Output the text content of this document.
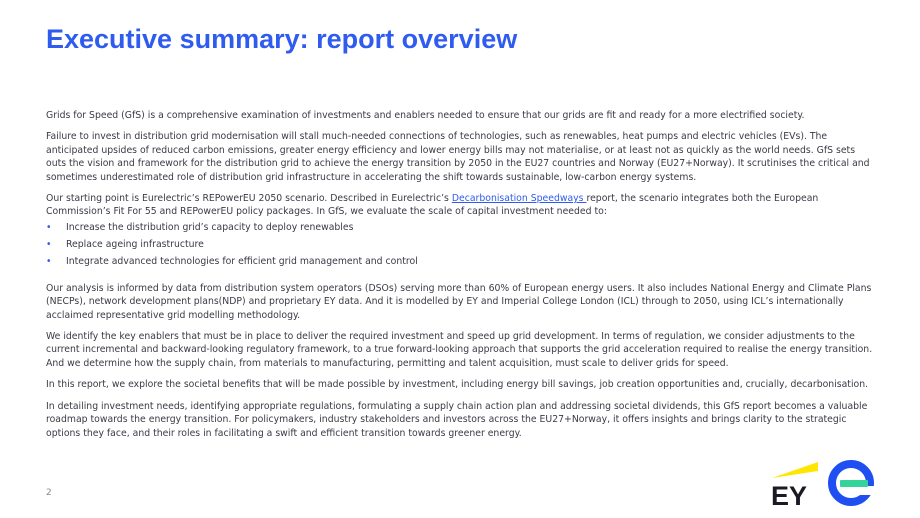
Executive summary: report overview

Grids for Speed (GfS) is a comprehensive examination of investments and enablers needed to ensure that our grids are fit and ready for a more electrified society.

Failure to invest in distribution grid modernisation will stall much-needed connections of technologies, such as renewables, heat pumps and electric vehicles (EVs). The anticipated upsides of reduced carbon emissions, greater energy efficiency and lower energy bills may not materialise, or at least not as quickly as the world needs. GfS sets outs the vision and framework for the distribution grid to achieve the energy transition by 2050 in the EU27 countries and Norway (EU27+Norway). It scrutinises the critical and sometimes underestimated role of distribution grid infrastructure in accelerating the shift towards sustainable, low-carbon energy systems.

Our starting point is Eurelectric’s REPowerEU 2050 scenario. Described in Eurelectric’s Decarbonisation Speedways report, the scenario integrates both the European Commission’s Fit For 55 and REPowerEU policy packages. In GfS, we evaluate the scale of capital investment needed to:

• Increase the distribution grid’s capacity to deploy renewables
• Replace ageing infrastructure
• Integrate advanced technologies for efficient grid management and control

Our analysis is informed by data from distribution system operators (DSOs) serving more than 60% of European energy users. It also includes National Energy and Climate Plans (NECPs), network development plans(NDP) and proprietary EY data. And it is modelled by EY and Imperial College London (ICL) through to 2050, using ICL’s internationally acclaimed representative grid modelling methodology.

We identify the key enablers that must be in place to deliver the required investment and speed up grid development. In terms of regulation, we consider adjustments to the current incremental and backward-looking regulatory framework, to a true forward-looking approach that supports the grid acceleration required to realise the energy transition. And we determine how the supply chain, from materials to manufacturing, permitting and talent acquisition, must scale to deliver grids for speed.

In this report, we explore the societal benefits that will be made possible by investment, including energy bill savings, job creation opportunities and, crucially, decarbonisation.

In detailing investment needs, identifying appropriate regulations, formulating a supply chain action plan and addressing societal dividends, this GfS report becomes a valuable roadmap towards the energy transition. For policymakers, industry stakeholders and investors across the EU27+Norway, it offers insights and brings clarity to the strategic options they face, and their roles in facilitating a swift and efficient transition towards greener energy.

2	EY
